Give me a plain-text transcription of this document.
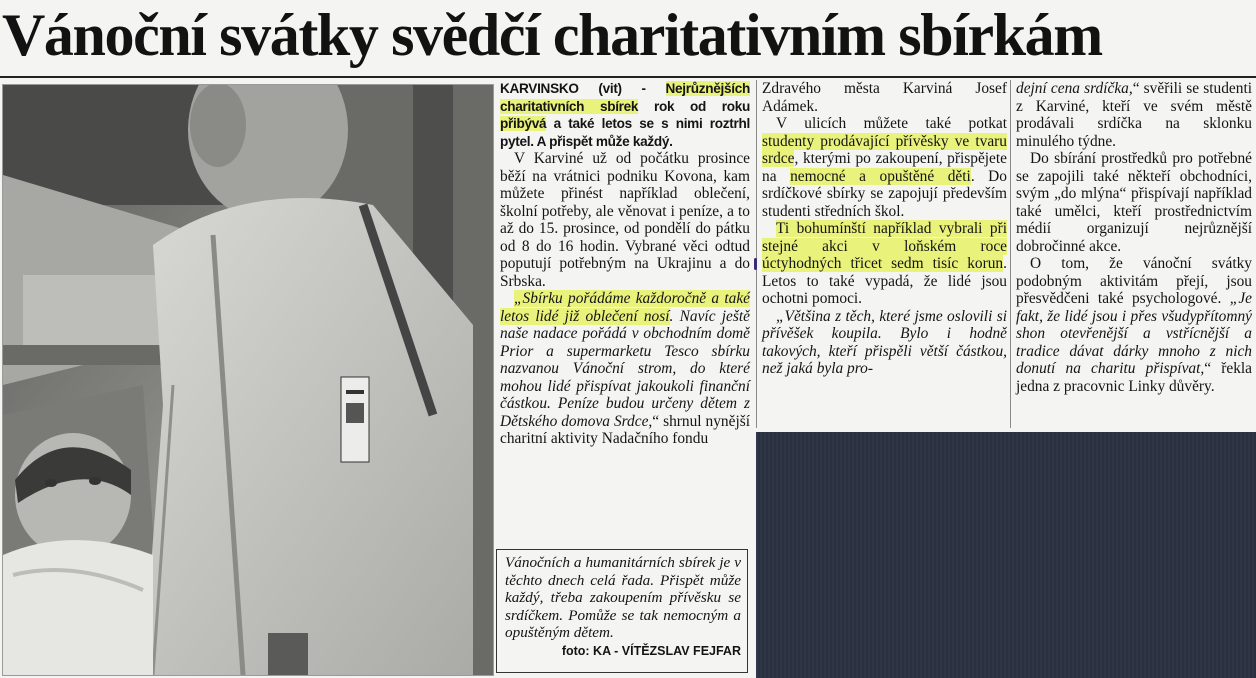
Vánoční svátky svědčí charitativním sbírkám

KARVINSKO (vit) - Nejrůznějších charitativních sbírek rok od roku přibývá a také letos se s nimi roztrhl pytel. A přispět může každý.

V Karviné už od počátku prosince běží na vrátnici podniku Kovona, kam můžete přinést například oblečení, školní potřeby, ale věnovat i peníze, a to až do 15. prosince, od pondělí do pátku od 8 do 16 hodin. Vybrané věci odtud poputují potřebným na Ukrajinu a do Srbska.

„Sbírku pořádáme každoročně a také letos lidé již oblečení nosí. Navíc ještě naše nadace pořádá v obchodním domě Prior a supermarketu Tesco sbírku nazvanou Vánoční strom, do které mohou lidé přispívat jakoukoli finanční částkou. Peníze budou určeny dětem z Dětského domova Srdce,“ shrnul nynější charitní aktivity Nadačního fondu

Zdravého města Karviná Josef Adámek.

V ulicích můžete také potkat studenty prodávající přívěsky ve tvaru srdce, kterými po zakoupení, přispějete na nemocné a opuštěné děti. Do srdíčkové sbírky se zapojují především studenti středních škol.

Ti bohumínští například vybrali při stejné akci v loňském roce úctyhodných třicet sedm tisíc korun. Letos to také vypadá, že lidé jsou ochotni pomoci.

„Většina z těch, které jsme oslovili si přívěšek koupila. Bylo i hodně takových, kteří přispěli větší částkou, než jaká byla pro-

dejní cena srdíčka,“ svěřili se studenti z Karviné, kteří ve svém městě prodávali srdíčka na sklonku minulého týdne.

Do sbírání prostředků pro potřebné se zapojili také někteří obchodníci, svým „do mlýna“ přispívají například také umělci, kteří prostřednictvím médií organizují nejrůznější dobročinné akce.

O tom, že vánoční svátky podobným aktivitám přejí, jsou přesvědčeni také psychologové. „Je fakt, že lidé jsou i přes všudypřítomný shon otevřenější a vstřícnější a tradice dávat dárky mnoho z nich donutí na charitu přispívat,“ řekla jedna z pracovnic Linky důvěry.

Vánočních a humanitárních sbírek je v těchto dnech celá řada. Přispět může každý, třeba zakoupením přívěsku se srdíčkem. Pomůže se tak nemocným a opuštěným dětem.

foto: KA - VÍTĚZSLAV FEJFAR
